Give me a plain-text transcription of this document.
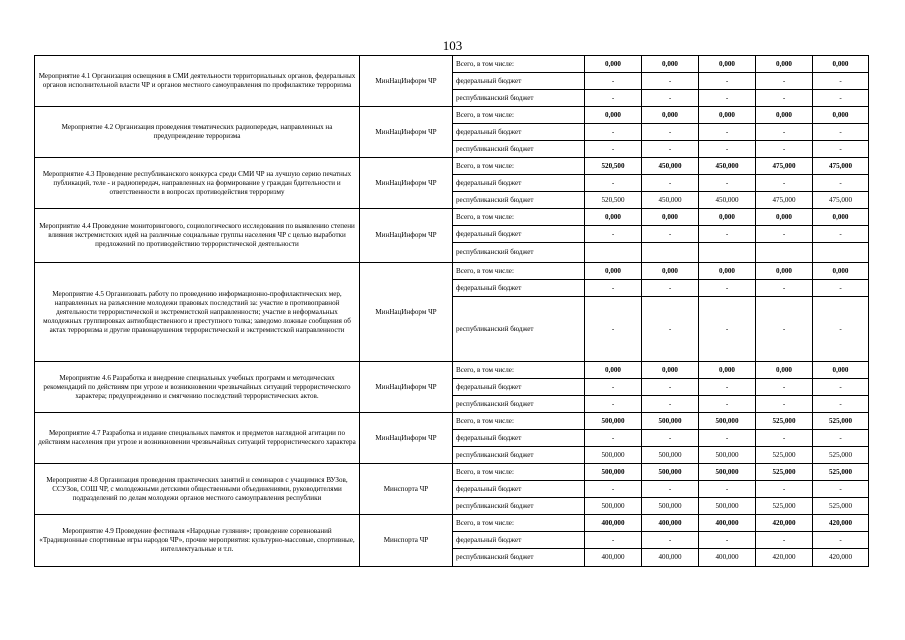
103
Мероприятие 4.1 Организация освещения в СМИ деятельности территориальных органов, федеральных органов исполнительной власти ЧР и органов местного самоуправления по профилактике терроризма	МинНацИнформ ЧР	Всего, в том числе:	0,000	0,000	0,000	0,000	0,000
		федеральный бюджет	-	-	-	-	-
		республиканский бюджет	-	-	-	-	-
Мероприятие 4.2 Организация проведения тематических радиопередач, направленных на предупреждение терроризма	МинНацИнформ ЧР	Всего, в том числе:	0,000	0,000	0,000	0,000	0,000
		федеральный бюджет	-	-	-	-	-
		республиканский бюджет	-	-	-	-	-
Мероприятие 4.3 Проведение республиканского конкурса среди СМИ ЧР на лучшую серию печатных публикаций, теле - и радиопередач, направленных на формирование у граждан бдительности и ответственности в вопросах противодействия терроризму	МинНацИнформ ЧР	Всего, в том числе:	520,500	450,000	450,000	475,000	475,000
		федеральный бюджет	-	-	-	-	-
		республиканский бюджет	520,500	450,000	450,000	475,000	475,000
Мероприятие 4.4 Проведение мониторингового, социологического исследования по выявлению степени влияния экстремистских идей на различные социальные группы населения ЧР с целью выработки предложений по противодействию террористической деятельности	МинНацИнформ ЧР	Всего, в том числе:	0,000	0,000	0,000	0,000	0,000
		федеральный бюджет	-	-	-	-	-
		республиканский бюджет					
Мероприятие 4.5 Организовать работу по проведению информационно-профилактических мер, направленных на разъяснение молодежи правовых последствий за: участие в противоправной деятельности террористической и экстремистской направленности; участие в неформальных молодежных группировках антиобщественного и преступного толка; заведомо ложные сообщения об актах терроризма и другие правонарушения террористической и экстремистской направленности	МинНацИнформ ЧР	Всего, в том числе:	0,000	0,000	0,000	0,000	0,000
		федеральный бюджет	-	-	-	-	-
		республиканский бюджет	-	-	-	-	-
Мероприятие 4.6 Разработка и внедрение специальных учебных программ и методических рекомендаций по действиям при угрозе и возникновении чрезвычайных ситуаций террористического характера; предупреждению и смягчению последствий террористических актов.	МинНацИнформ ЧР	Всего, в том числе:	0,000	0,000	0,000	0,000	0,000
		федеральный бюджет	-	-	-	-	-
		республиканский бюджет	-	-	-	-	-
Мероприятие 4.7 Разработка и издание специальных памяток и предметов наглядной агитации по действиям населения при угрозе и возникновении чрезвычайных ситуаций террористического характера	МинНацИнформ ЧР	Всего, в том числе:	500,000	500,000	500,000	525,000	525,000
		федеральный бюджет	-	-	-	-	-
		республиканский бюджет	500,000	500,000	500,000	525,000	525,000
Мероприятие 4.8 Организация проведения практических занятий и семинаров с учащимися ВУЗов, ССУЗов, СОШ ЧР, с молодежными детскими общественными объединениями, руководителями подразделений по делам молодежи органов местного самоуправления республики	Минспорта ЧР	Всего, в том числе:	500,000	500,000	500,000	525,000	525,000
		федеральный бюджет	-	-	-	-	-
		республиканский бюджет	500,000	500,000	500,000	525,000	525,000
Мероприятие 4.9 Проведение фестиваля «Народные гуляния»; проведение соревнований «Традиционные спортивные игры народов ЧР», прочие мероприятия: культурно-массовые, спортивные, интеллектуальные и т.п.	Минспорта ЧР	Всего, в том числе:	400,000	400,000	400,000	420,000	420,000
		федеральный бюджет	-	-	-	-	-
		республиканский бюджет	400,000	400,000	400,000	420,000	420,000
